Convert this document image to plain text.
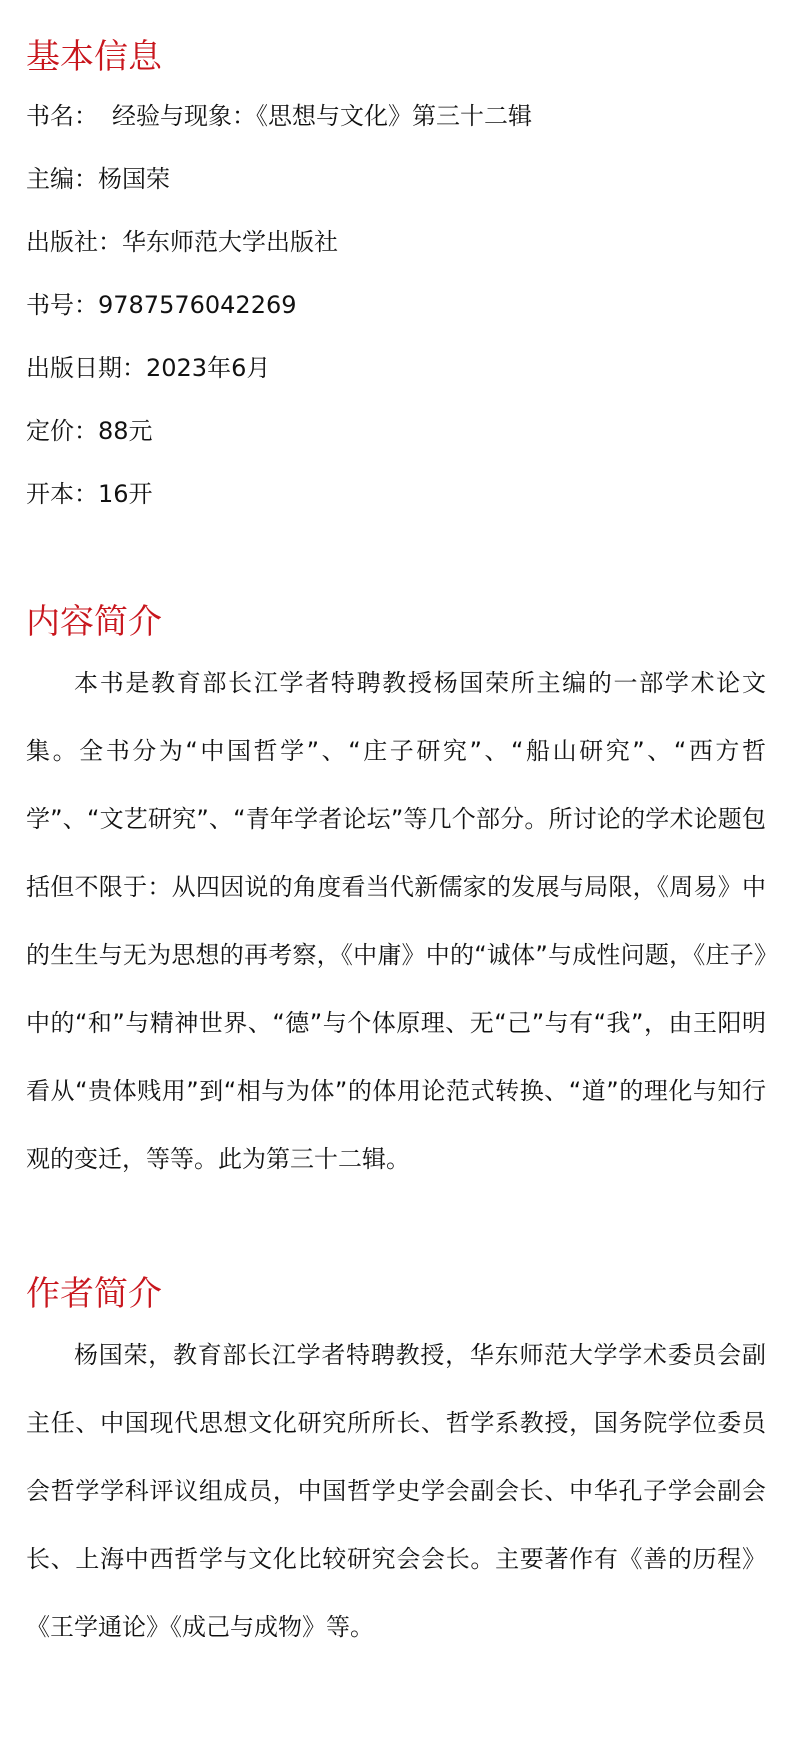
基本信息
书名： 经验与现象：《思想与文化》第三十二辑
主编：杨国荣
出版社：华东师范大学出版社
书号：9787576042269
出版日期：2023年6月
定价：88元
开本：16开
内容简介

本书是教育部长江学者特聘教授杨国荣所主编的一部学术论文集。全书分为“中国哲学”、“庄子研究”、“船山研究”、“西方哲学”、“文艺研究”、“青年学者论坛”等几个部分。所讨论的学术论题包括但不限于：从四因说的角度看当代新儒家的发展与局限，《周易》中的生生与无为思想的再考察，《中庸》中的“诚体”与成性问题，《庄子》中的“和”与精神世界、“德”与个体原理、无“己”与有“我”，由王阳明看从“贵体贱用”到“相与为体”的体用论范式转换、“道”的理化与知行观的变迁，等等。此为第三十二辑。

作者简介

杨国荣，教育部长江学者特聘教授，华东师范大学学术委员会副主任、中国现代思想文化研究所所长、哲学系教授，国务院学位委员会哲学学科评议组成员，中国哲学史学会副会长、中华孔子学会副会长、上海中西哲学与文化比较研究会会长。主要著作有《善的历程》《王学通论》《成己与成物》等。
